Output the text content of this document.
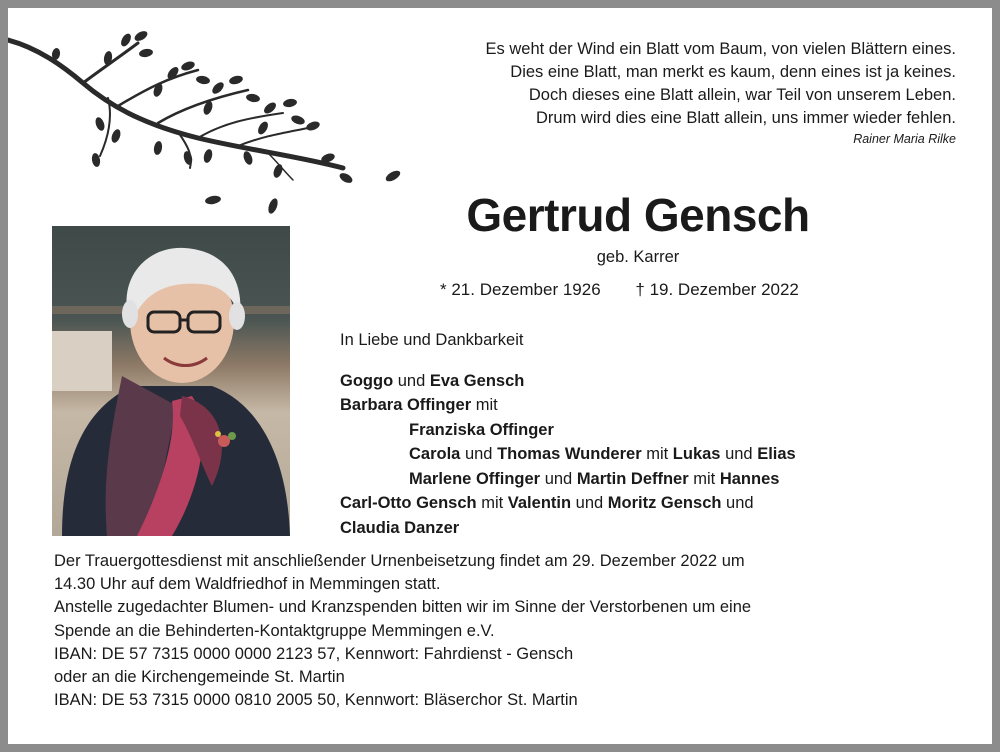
Es weht der Wind ein Blatt vom Baum, von vielen Blättern eines.
Dies eine Blatt, man merkt es kaum, denn eines ist ja keines.
Doch dieses eine Blatt allein, war Teil von unserem Leben.
Drum wird dies eine Blatt allein, uns immer wieder fehlen.
Rainer Maria Rilke
Gertrud Gensch
geb. Karrer
* 21. Dezember 1926 † 19. Dezember 2022
In Liebe und Dankbarkeit
Goggo und Eva Gensch
Barbara Offinger mit
Franziska Offinger
Carola und Thomas Wunderer mit Lukas und Elias
Marlene Offinger und Martin Deffner mit Hannes
Carl-Otto Gensch mit Valentin und Moritz Gensch und
Claudia Danzer
Der Trauergottesdienst mit anschließender Urnenbeisetzung findet am 29. Dezember 2022 um
14.30 Uhr auf dem Waldfriedhof in Memmingen statt.
Anstelle zugedachter Blumen- und Kranzspenden bitten wir im Sinne der Verstorbenen um eine
Spende an die Behinderten-Kontaktgruppe Memmingen e.V.
IBAN: DE 57 7315 0000 0000 2123 57, Kennwort: Fahrdienst - Gensch
oder an die Kirchengemeinde St. Martin
IBAN: DE 53 7315 0000 0810 2005 50, Kennwort: Bläserchor St. Martin
